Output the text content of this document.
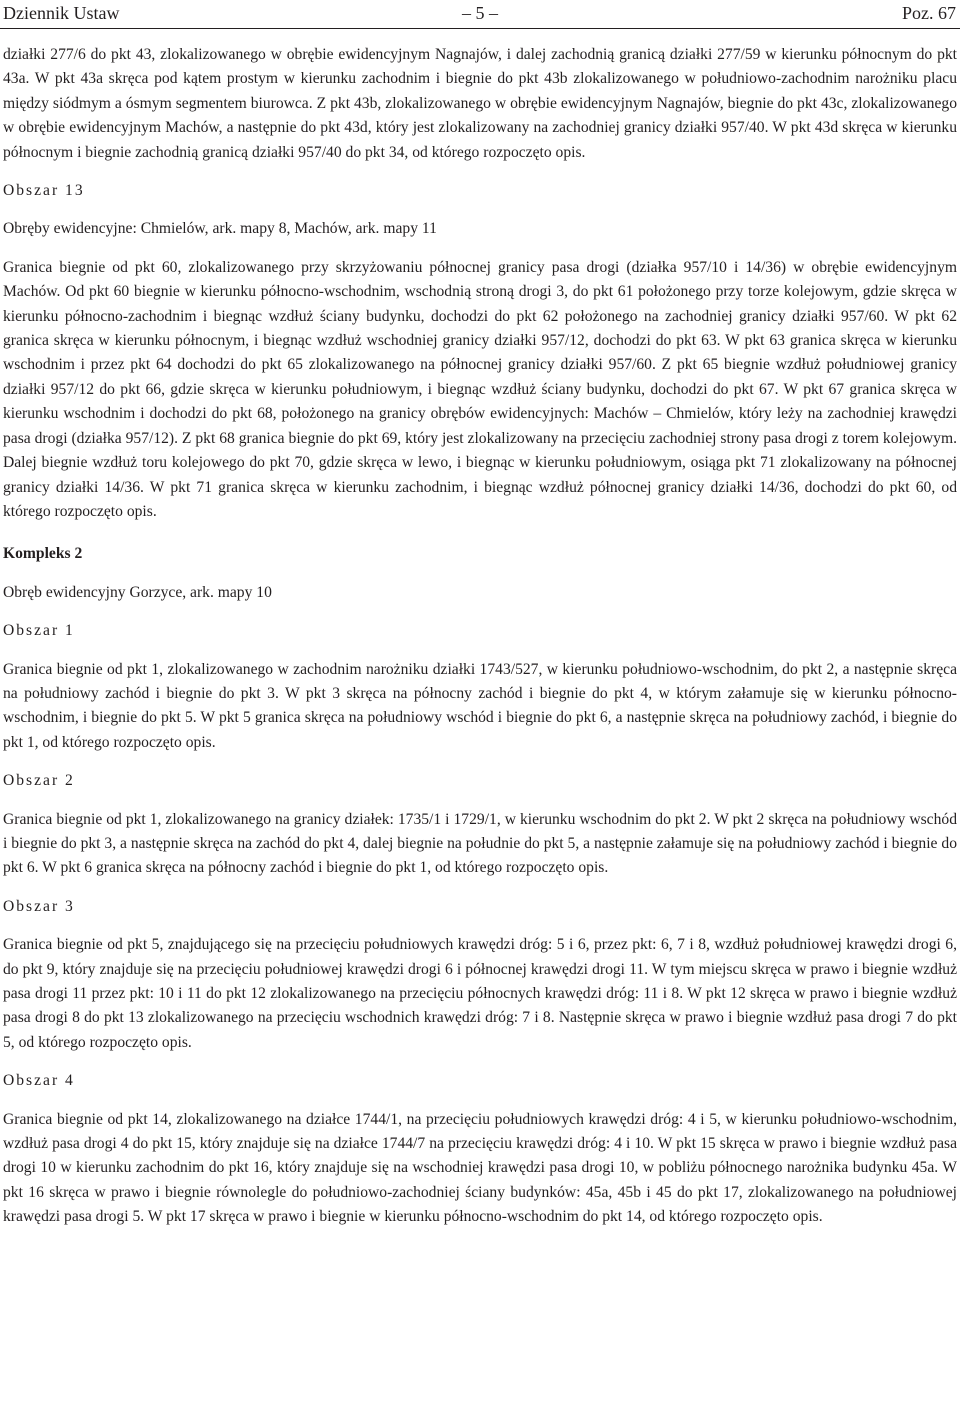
Dziennik Ustaw	– 5 –	Poz. 67

działki 277/6 do pkt 43, zlokalizowanego w obrębie ewidencyjnym Nagnajów, i dalej zachodnią granicą działki 277/59 w kierunku północnym do pkt 43a. W pkt 43a skręca pod kątem prostym w kierunku zachodnim i biegnie do pkt 43b zlokalizowanego w południowo-zachodnim narożniku placu między siódmym a ósmym segmentem biurowca. Z pkt 43b, zlokalizowanego w obrębie ewidencyjnym Nagnajów, biegnie do pkt 43c, zlokalizowanego w obrębie ewidencyjnym Machów, a następnie do pkt 43d, który jest zlokalizowany na zachodniej granicy działki 957/40. W pkt 43d skręca w kierunku północnym i biegnie zachodnią granicą działki 957/40 do pkt 34, od którego rozpoczęto opis.

Obszar 13

Obręby ewidencyjne: Chmielów, ark. mapy 8, Machów, ark. mapy 11

Granica biegnie od pkt 60, zlokalizowanego przy skrzyżowaniu północnej granicy pasa drogi (działka 957/10 i 14/36) w obrębie ewidencyjnym Machów. Od pkt 60 biegnie w kierunku północno-wschodnim, wschodnią stroną drogi 3, do pkt 61 położonego przy torze kolejowym, gdzie skręca w kierunku północno-zachodnim i biegnąc wzdłuż ściany budynku, dochodzi do pkt 62 położonego na zachodniej granicy działki 957/60. W pkt 62 granica skręca w kierunku północnym, i biegnąc wzdłuż wschodniej granicy działki 957/12, dochodzi do pkt 63. W pkt 63 granica skręca w kierunku wschodnim i przez pkt 64 dochodzi do pkt 65 zlokalizowanego na północnej granicy działki 957/60. Z pkt 65 biegnie wzdłuż południowej granicy działki 957/12 do pkt 66, gdzie skręca w kierunku południowym, i biegnąc wzdłuż ściany budynku, dochodzi do pkt 67. W pkt 67 granica skręca w kierunku wschodnim i dochodzi do pkt 68, położonego na granicy obrębów ewidencyjnych: Machów – Chmielów, który leży na zachodniej krawędzi pasa drogi (działka 957/12). Z pkt 68 granica biegnie do pkt 69, który jest zlokalizowany na przecięciu zachodniej strony pasa drogi z torem kolejowym. Dalej biegnie wzdłuż toru kolejowego do pkt 70, gdzie skręca w lewo, i biegnąc w kierunku południowym, osiąga pkt 71 zlokalizowany na północnej granicy działki 14/36. W pkt 71 granica skręca w kierunku zachodnim, i biegnąc wzdłuż północnej granicy działki 14/36, dochodzi do pkt 60, od którego rozpoczęto opis.

Kompleks 2

Obręb ewidencyjny Gorzyce, ark. mapy 10

Obszar 1

Granica biegnie od pkt 1, zlokalizowanego w zachodnim narożniku działki 1743/527, w kierunku południowo-wschodnim, do pkt 2, a następnie skręca na południowy zachód i biegnie do pkt 3. W pkt 3 skręca na północny zachód i biegnie do pkt 4, w którym załamuje się w kierunku północno-wschodnim, i biegnie do pkt 5. W pkt 5 granica skręca na południowy wschód i biegnie do pkt 6, a następnie skręca na południowy zachód, i biegnie do pkt 1, od którego rozpoczęto opis.

Obszar 2

Granica biegnie od pkt 1, zlokalizowanego na granicy działek: 1735/1 i 1729/1, w kierunku wschodnim do pkt 2. W pkt 2 skręca na południowy wschód i biegnie do pkt 3, a następnie skręca na zachód do pkt 4, dalej biegnie na południe do pkt 5, a następnie załamuje się na południowy zachód i biegnie do pkt 6. W pkt 6 granica skręca na północny zachód i biegnie do pkt 1, od którego rozpoczęto opis.

Obszar 3

Granica biegnie od pkt 5, znajdującego się na przecięciu południowych krawędzi dróg: 5 i 6, przez pkt: 6, 7 i 8, wzdłuż południowej krawędzi drogi 6, do pkt 9, który znajduje się na przecięciu południowej krawędzi drogi 6 i północnej krawędzi drogi 11. W tym miejscu skręca w prawo i biegnie wzdłuż pasa drogi 11 przez pkt: 10 i 11 do pkt 12 zlokalizowanego na przecięciu północnych krawędzi dróg: 11 i 8. W pkt 12 skręca w prawo i biegnie wzdłuż pasa drogi 8 do pkt 13 zlokalizowanego na przecięciu wschodnich krawędzi dróg: 7 i 8. Następnie skręca w prawo i biegnie wzdłuż pasa drogi 7 do pkt 5, od którego rozpoczęto opis.

Obszar 4

Granica biegnie od pkt 14, zlokalizowanego na działce 1744/1, na przecięciu południowych krawędzi dróg: 4 i 5, w kierunku południowo-wschodnim, wzdłuż pasa drogi 4 do pkt 15, który znajduje się na działce 1744/7 na przecięciu krawędzi dróg: 4 i 10. W pkt 15 skręca w prawo i biegnie wzdłuż pasa drogi 10 w kierunku zachodnim do pkt 16, który znajduje się na wschodniej krawędzi pasa drogi 10, w pobliżu północnego narożnika budynku 45a. W pkt 16 skręca w prawo i biegnie równolegle do południowo-zachodniej ściany budynków: 45a, 45b i 45 do pkt 17, zlokalizowanego na południowej krawędzi pasa drogi 5. W pkt 17 skręca w prawo i biegnie w kierunku północno-wschodnim do pkt 14, od którego rozpoczęto opis.
